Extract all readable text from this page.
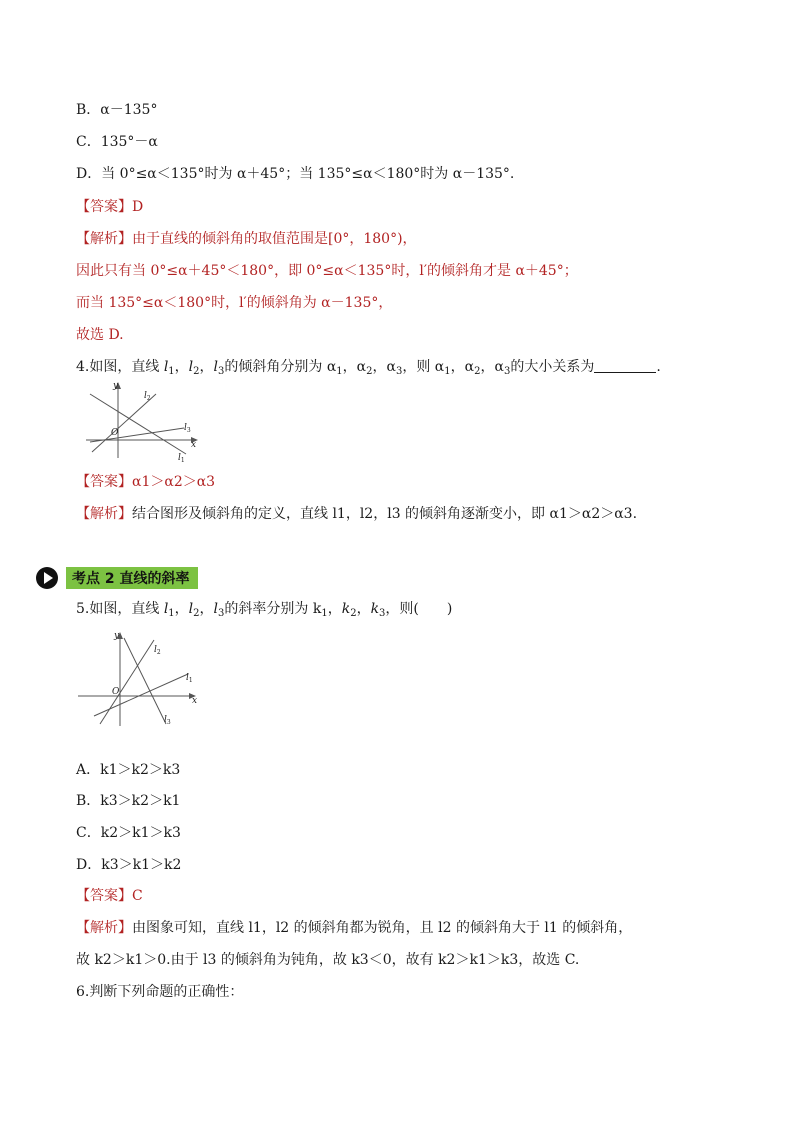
B．α－135°
C．135°－α
D．当 0°≤α＜135°时为 α＋45°；当 135°≤α＜180°时为 α－135°.
【答案】D
【解析】由于直线的倾斜角的取值范围是[0°，180°)，
因此只有当 0°≤α＋45°＜180°，即 0°≤α＜135°时，l′的倾斜角才是 α＋45°；
而当 135°≤α＜180°时，l′的倾斜角为 α－135°，
故选 D.
4.如图，直线 $l_1$，$l_2$，$l_3$的倾斜角分别为 $\alpha_1$，$\alpha_2$，$\alpha_3$，则 $\alpha_1$，$\alpha_2$，$\alpha_3$的大小关系为	.
y
x
O
$l_2$
$l_3$
$l_1$
【答案】α1＞α2＞α3
【解析】结合图形及倾斜角的定义，直线 l1，l2，l3 的倾斜角逐渐变小，即 α1＞α2＞α3.
考点 2 直线的斜率
5.如图，直线 $l_1$，$l_2$，$l_3$的斜率分别为 $k_1$，$k_2$，$k_3$，则(　　)
y
x
O
$l_2$
$l_1$
$l_3$
A．k1＞k2＞k3
B．k3＞k2＞k1
C．k2＞k1＞k3
D．k3＞k1＞k2
【答案】C
【解析】由图象可知，直线 l1，l2 的倾斜角都为锐角，且 l2 的倾斜角大于 l1 的倾斜角，
故 k2＞k1＞0.由于 l3 的倾斜角为钝角，故 k3＜0，故有 k2＞k1＞k3，故选 C.
6.判断下列命题的正确性：
